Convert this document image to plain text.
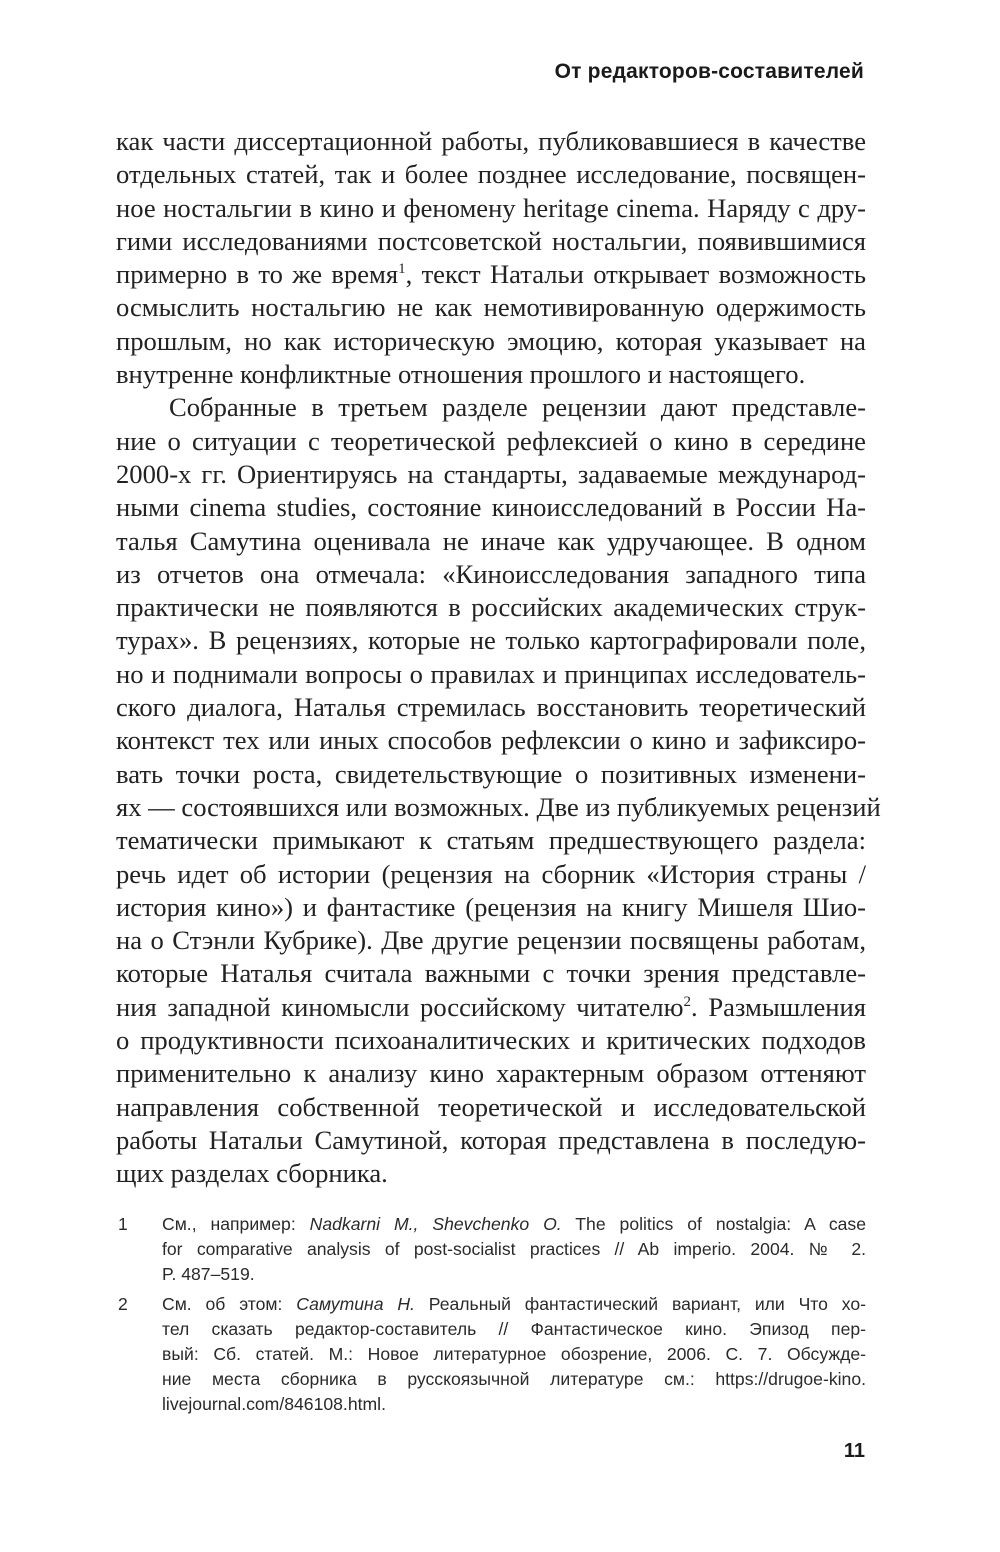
От редакторов-составителей
как части диссертационной работы, публиковавшиеся в качестве
отдельных статей, так и более позднее исследование, посвящен-
ное ностальгии в кино и феномену heritage cinema. Наряду с дру-
гими исследованиями постсоветской ностальгии, появившимися
примерно в то же время$^1$, текст Натальи открывает возможность
осмыслить ностальгию не как немотивированную одержимость
прошлым, но как историческую эмоцию, которая указывает на
внутренне конфликтные отношения прошлого и настоящего.
Собранные в третьем разделе рецензии дают представле-
ние о ситуации с теоретической рефлексией о кино в середине
2000-х гг. Ориентируясь на стандарты, задаваемые международ-
ными cinema studies, состояние киноисследований в России На-
талья Самутина оценивала не иначе как удручающее. В одном
из отчетов она отмечала: «Киноисследования западного типа
практически не появляются в российских академических струк-
турах». В рецензиях, которые не только картографировали поле,
но и поднимали вопросы о правилах и принципах исследователь-
ского диалога, Наталья стремилась восстановить теоретический
контекст тех или иных способов рефлексии о кино и зафиксиро-
вать точки роста, свидетельствующие о позитивных изменени-
ях — состоявшихся или возможных. Две из публикуемых рецензий
тематически примыкают к статьям предшествующего раздела:
речь идет об истории (рецензия на сборник «История страны /
история кино») и фантастике (рецензия на книгу Мишеля Шио-
на о Стэнли Кубрике). Две другие рецензии посвящены работам,
которые Наталья считала важными с точки зрения представле-
ния западной киномысли российскому читателю$^2$. Размышления
о продуктивности психоаналитических и критических подходов
применительно к анализу кино характерным образом оттеняют
направления собственной теоретической и исследовательской
работы Натальи Самутиной, которая представлена в последую-
щих разделах сборника.
1 См., например: Nadkarni M., Shevchenko O. The politics of nostalgia: A case
for comparative analysis of post-socialist practices // Ab imperio. 2004. № 2.
P. 487–519.
2 См. об этом: Самутина Н. Реальный фантастический вариант, или Что хо-
тел сказать редактор-составитель // Фантастическое кино. Эпизод пер-
вый: Сб. статей. М.: Новое литературное обозрение, 2006. С. 7. Обсужде-
ние места сборника в русскоязычной литературе см.: https://drugoe-kino.
livejournal.com/846108.html.
11
